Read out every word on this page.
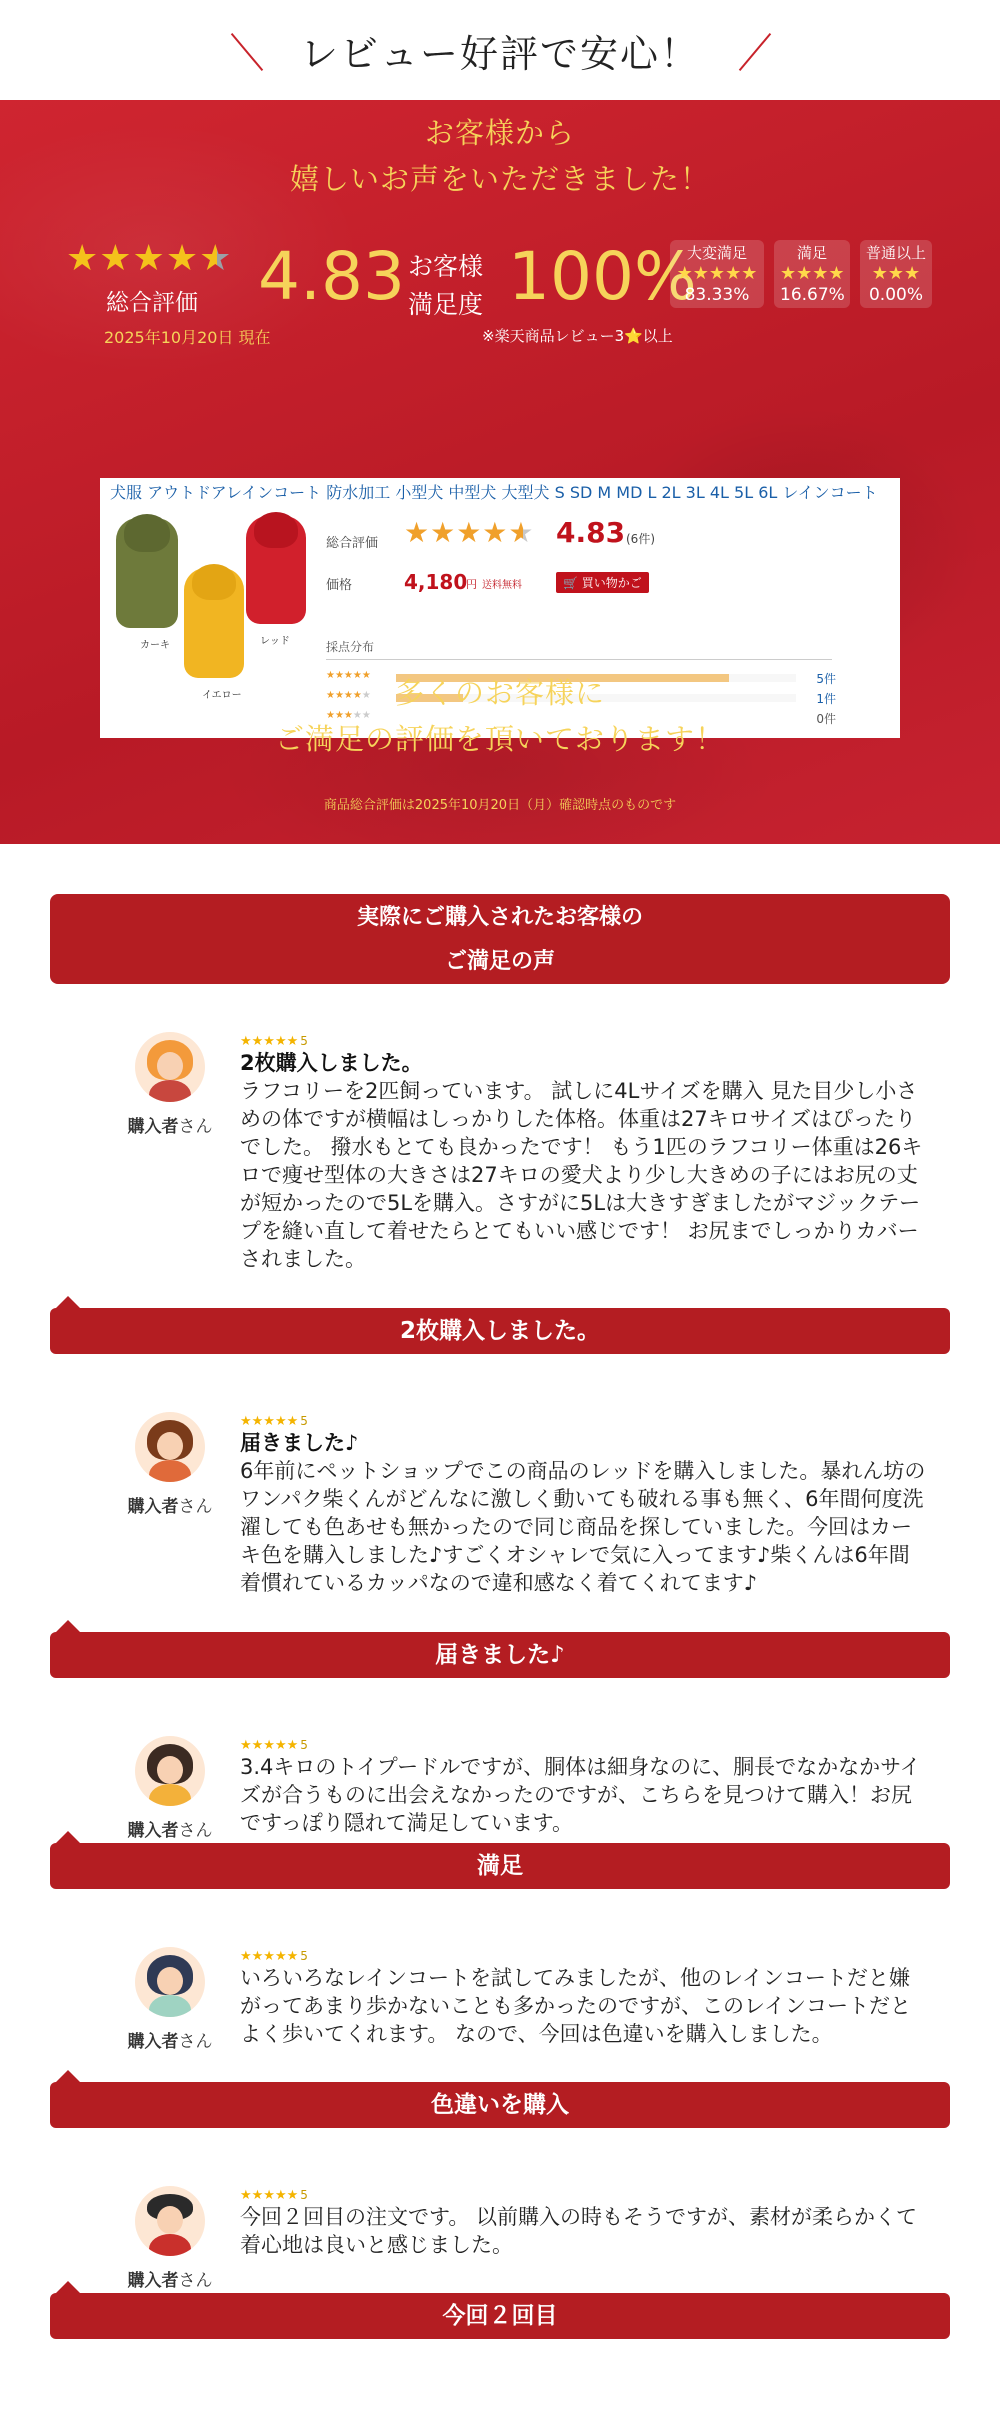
レビュー好評で安心！
お客様から
嬉しいお声をいただきました！
★★★★★
総合評価
2025年10月20日 現在
4.83 お客様
満足度 100%
※楽天商品レビュー3⭐以上
大変満足
★★★★★
83.33%
満足
★★★★
16.67%
普通以上
★★★
0.00%
犬服 アウトドアレインコート 防水加工 小型犬 中型犬 大型犬 S SD M MD L 2L 3L 4L 5L 6L レインコート
カーキ
イエロー
レッド
総合評価 ★★★★★ 4.83 (6件)
価格	4,180
円 送料無料	🛒 買い物かご
採点分布
★★★★★	5件
★★★★★	1件
★★★★★	0件
多くのお客様に
ご満足の評価を頂いております！
商品総合評価は2025年10月20日（月）確認時点のものです
実際にご購入されたお客様の
ご満足の声
購入者さん
★★★★★ 5
2枚購入しました。
ラフコリーを2匹飼っています。 試しに4Lサイズを購入 見た目少し小さめの体ですが横幅はしっかりした体格。体重は27キロサイズはぴったりでした。 撥水もとても良かったです！ もう1匹のラフコリー体重は26キロで痩せ型体の大きさは27キロの愛犬より少し大きめの子にはお尻の丈が短かったので5Lを購入。さすがに5Lは大きすぎましたがマジックテープを縫い直して着せたらとてもいい感じです！ お尻までしっかりカバーされました。
2枚購入しました。
購入者さん
★★★★★ 5
届きました♪
6年前にペットショップでこの商品のレッドを購入しました。暴れん坊のワンパク柴くんがどんなに激しく動いても破れる事も無く、6年間何度洗濯しても色あせも無かったので同じ商品を探していました。今回はカーキ色を購入しました♪すごくオシャレで気に入ってます♪柴くんは6年間着慣れているカッパなので違和感なく着てくれてます♪
届きました♪
購入者さん
★★★★★ 5
3.4キロのトイプードルですが、胴体は細身なのに、胴長でなかなかサイズが合うものに出会えなかったのですが、こちらを見つけて購入！お尻ですっぽり隠れて満足しています。
満足
購入者さん
★★★★★ 5
いろいろなレインコートを試してみましたが、他のレインコートだと嫌がってあまり歩かないことも多かったのですが、このレインコートだとよく歩いてくれます。 なので、今回は色違いを購入しました。
色違いを購入
購入者さん
★★★★★ 5
今回２回目の注文です。 以前購入の時もそうですが、素材が柔らかくて 着心地は良いと感じました。
今回２回目
